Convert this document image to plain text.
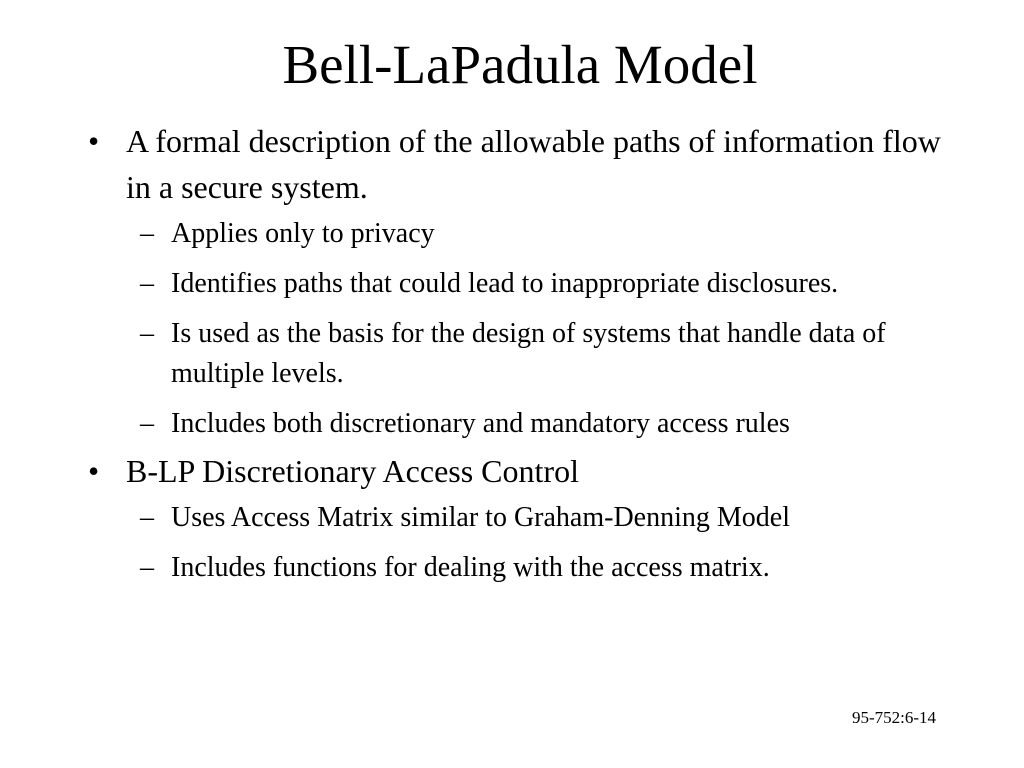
Bell-LaPadula Model
• A formal description of the allowable paths of information flow in a secure system.
– Applies only to privacy
– Identifies paths that could lead to inappropriate disclosures.
– Is used as the basis for the design of systems that handle data of multiple levels.
– Includes both discretionary and mandatory access rules
• B-LP Discretionary Access Control
– Uses Access Matrix similar to Graham-Denning Model
– Includes functions for dealing with the access matrix.
95-752:6-14
